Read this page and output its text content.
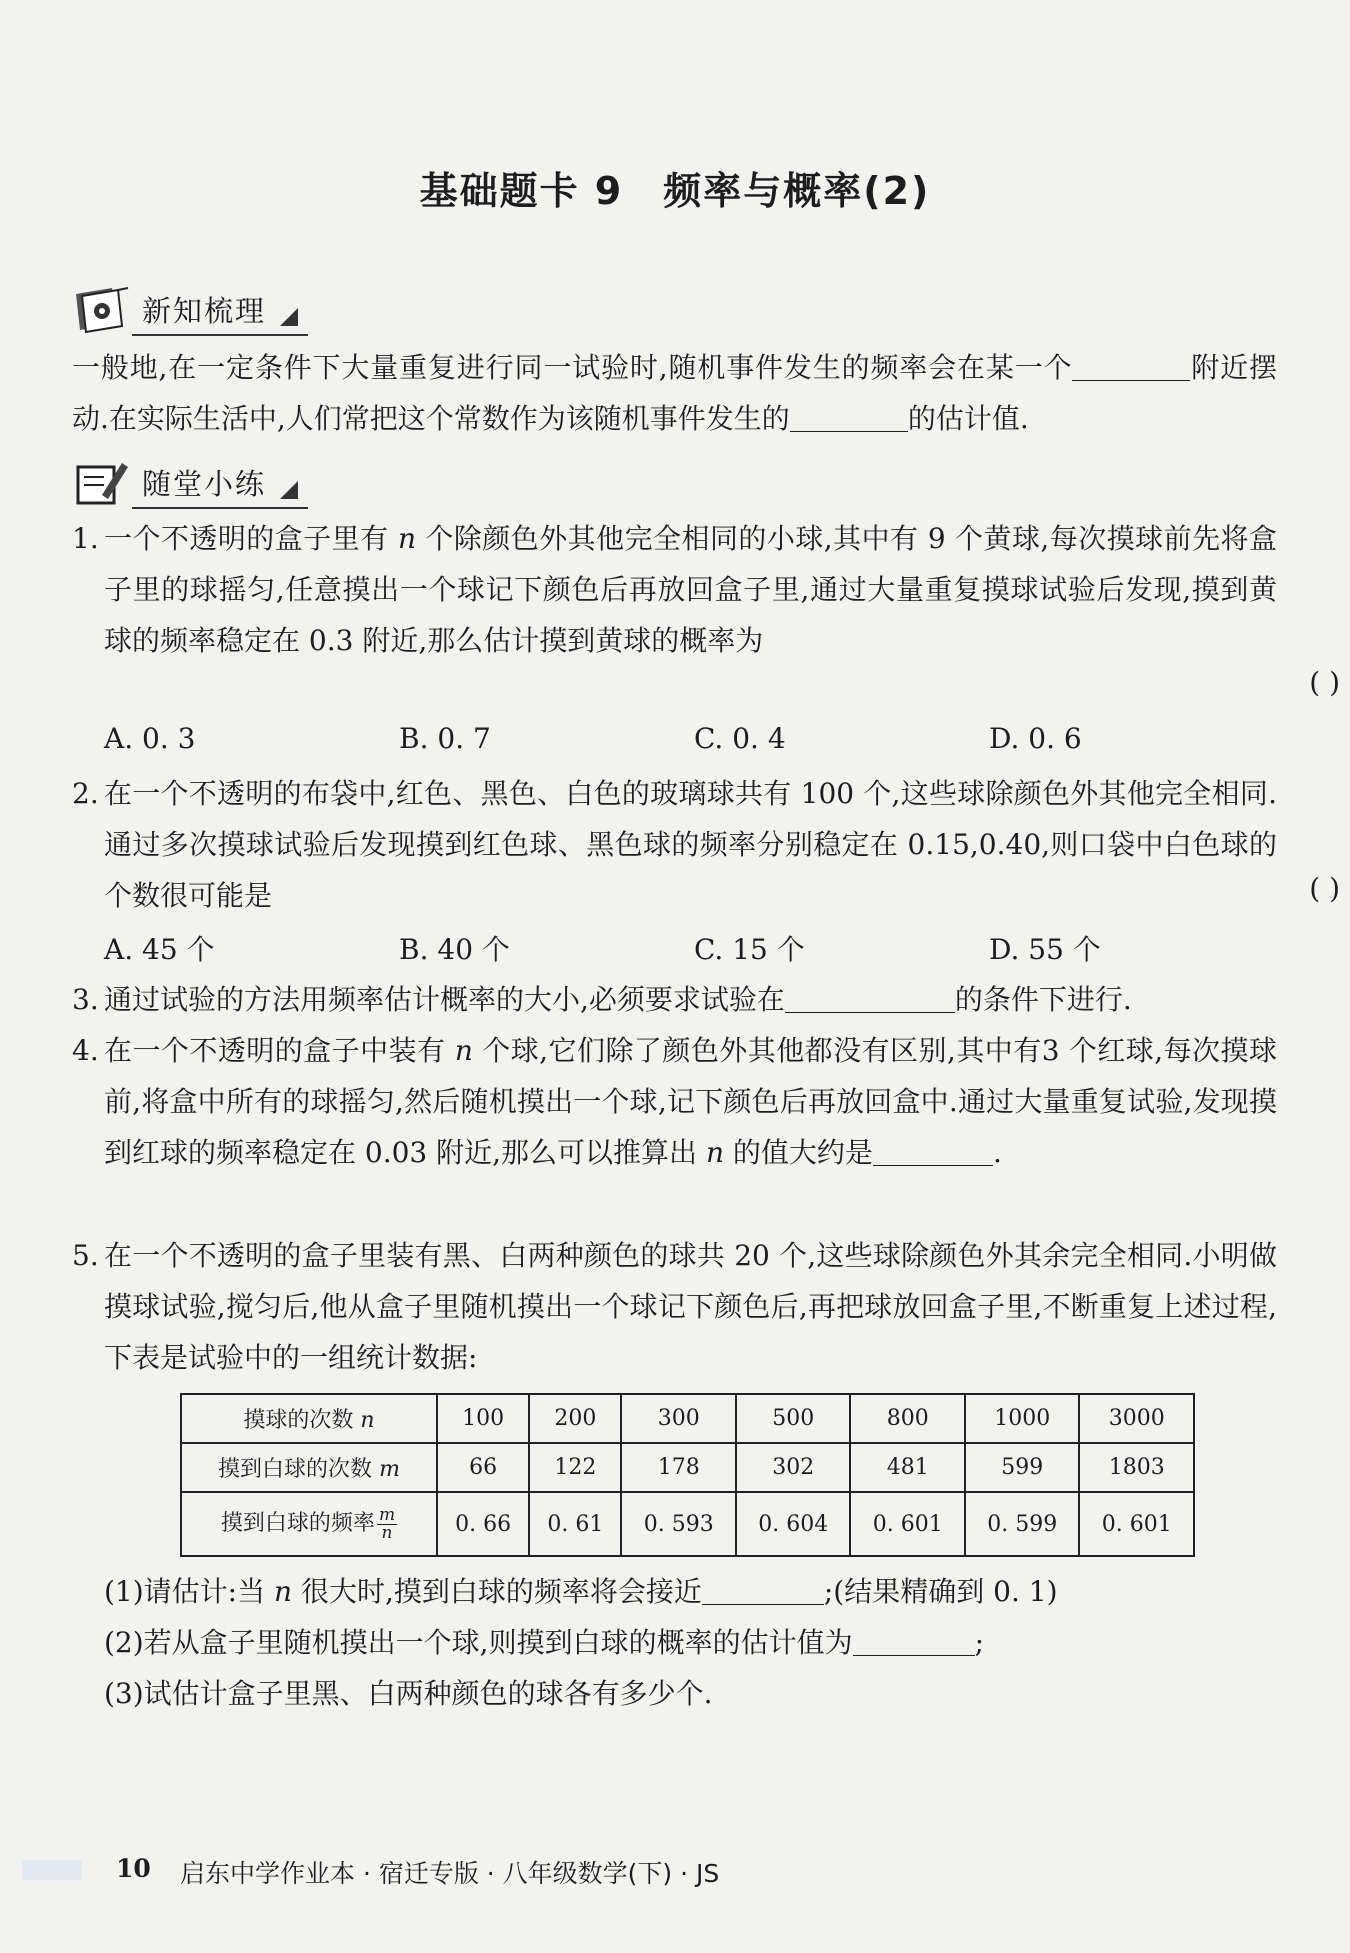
基础题卡 9 频率与概率(2)
新知梳理
一般地,在一定条件下大量重复进行同一试验时,随机事件发生的频率会在某一个	附近摆动.在实际生活中,人们常把这个常数作为该随机事件发生的	的估计值.
随堂小练
1. 一个不透明的盒子里有 n 个除颜色外其他完全相同的小球,其中有 9 个黄球,每次摸球前先将盒子里的球摇匀,任意摸出一个球记下颜色后再放回盒子里,通过大量重复摸球试验后发现,摸到黄球的频率稳定在 0.3 附近,那么估计摸到黄球的概率为
( )
A. 0. 3	B. 0. 7	C. 0. 4	D. 0. 6
2. 在一个不透明的布袋中,红色、黑色、白色的玻璃球共有 100 个,这些球除颜色外其他完全相同.通过多次摸球试验后发现摸到红色球、黑色球的频率分别稳定在 0.15,0.40,则口袋中白色球的个数很可能是	( )
A. 45 个	B. 40 个	C. 15 个	D. 55 个
3. 通过试验的方法用频率估计概率的大小,必须要求试验在	的条件下进行.
4. 在一个不透明的盒子中装有 n 个球,它们除了颜色外其他都没有区别,其中有3 个红球,每次摸球前,将盒中所有的球摇匀,然后随机摸出一个球,记下颜色后再放回盒中.通过大量重复试验,发现摸到红球的频率稳定在 0.03 附近,那么可以推算出 n 的值大约是	.
5. 在一个不透明的盒子里装有黑、白两种颜色的球共 20 个,这些球除颜色外其余完全相同.小明做摸球试验,搅匀后,他从盒子里随机摸出一个球记下颜色后,再把球放回盒子里,不断重复上述过程,下表是试验中的一组统计数据:
摸球的次数 n	100	200	300	500	800	1000	3000
摸到白球的次数 m	66	122	178	302	481	599	1803
摸到白球的频率 $\frac{m}{n}$	0. 66	0. 61	0. 593	0. 604	0. 601	0. 599	0. 601
(1)请估计:当 n 很大时,摸到白球的频率将会接近	;(结果精确到 0. 1)
(2)若从盒子里随机摸出一个球,则摸到白球的概率的估计值为	;
(3)试估计盒子里黑、白两种颜色的球各有多少个.
10 启东中学作业本 · 宿迁专版 · 八年级数学(下) · JS
